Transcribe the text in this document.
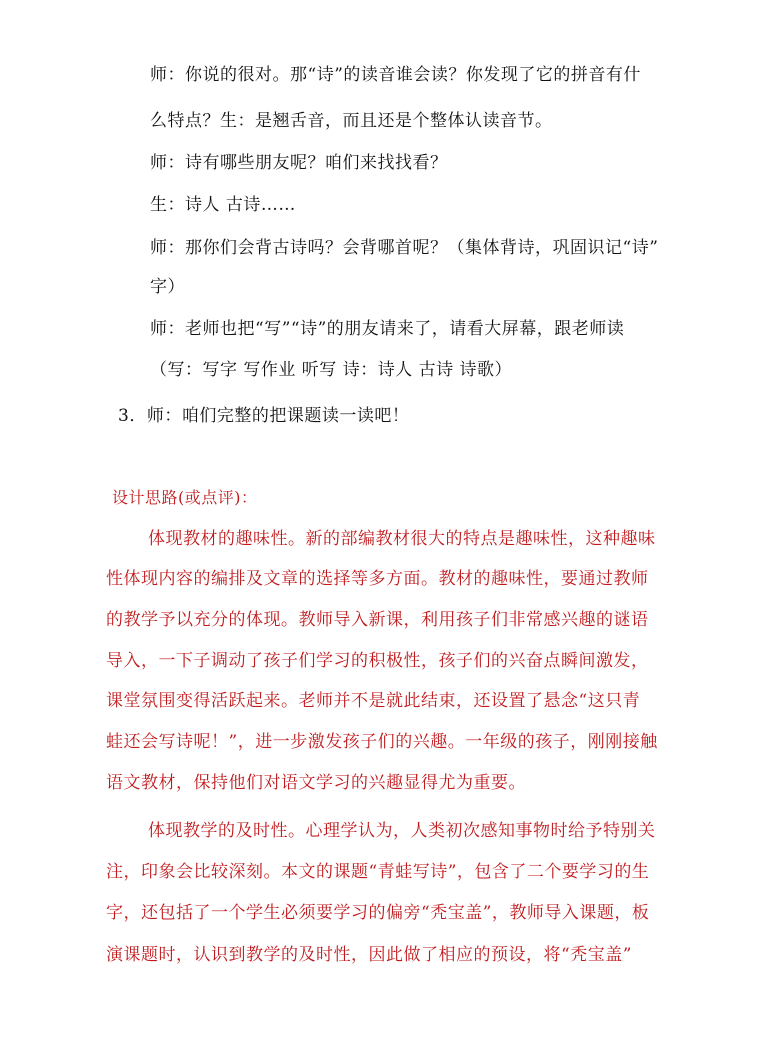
师：你说的很对。那“诗”的读音谁会读？你发现了它的拼音有什
么特点？生：是翘舌音，而且还是个整体认读音节。
师：诗有哪些朋友呢？咱们来找找看？
生：诗人 古诗……
师：那你们会背古诗吗？会背哪首呢？（集体背诗，巩固识记“诗”
字）
师：老师也把“写”“诗”的朋友请来了，请看大屏幕，跟老师读
（写：写字 写作业 听写 诗：诗人 古诗 诗歌）
3．师：咱们完整的把课题读一读吧！
设计思路(或点评)：
体现教材的趣味性。新的部编教材很大的特点是趣味性，这种趣味
性体现内容的编排及文章的选择等多方面。教材的趣味性，要通过教师
的教学予以充分的体现。教师导入新课，利用孩子们非常感兴趣的谜语
导入，一下子调动了孩子们学习的积极性，孩子们的兴奋点瞬间激发，
课堂氛围变得活跃起来。老师并不是就此结束，还设置了悬念“这只青
蛙还会写诗呢！”，进一步激发孩子们的兴趣。一年级的孩子，刚刚接触
语文教材，保持他们对语文学习的兴趣显得尤为重要。
体现教学的及时性。心理学认为，人类初次感知事物时给予特别关
注，印象会比较深刻。本文的课题“青蛙写诗”，包含了二个要学习的生
字，还包括了一个学生必须要学习的偏旁“秃宝盖”，教师导入课题，板
演课题时，认识到教学的及时性，因此做了相应的预设，将“秃宝盖”
